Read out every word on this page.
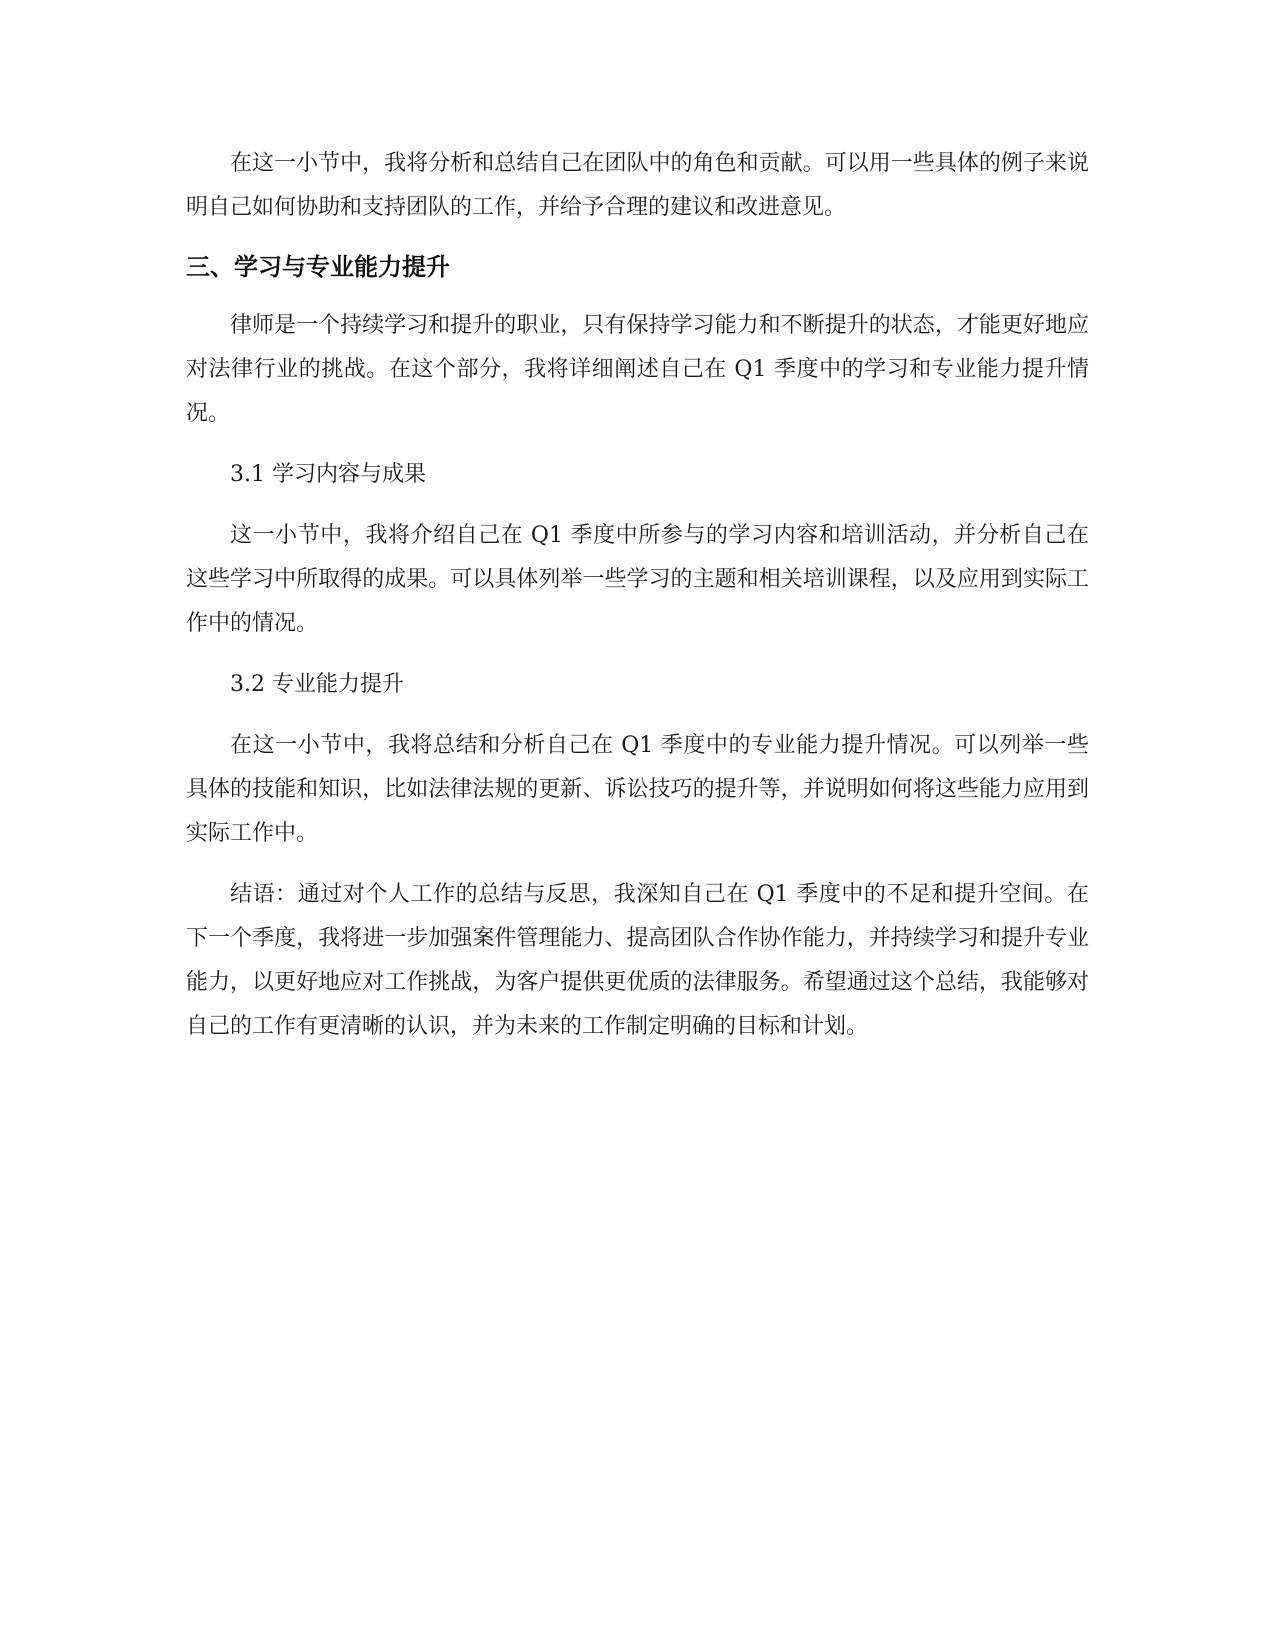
在这一小节中，我将分析和总结自己在团队中的角色和贡献。可以用一些具体的例子来说明自己如何协助和支持团队的工作，并给予合理的建议和改进意见。

三、学习与专业能力提升

律师是一个持续学习和提升的职业，只有保持学习能力和不断提升的状态，才能更好地应对法律行业的挑战。在这个部分，我将详细阐述自己在 Q1 季度中的学习和专业能力提升情况。

3.1 学习内容与成果

这一小节中，我将介绍自己在 Q1 季度中所参与的学习内容和培训活动，并分析自己在这些学习中所取得的成果。可以具体列举一些学习的主题和相关培训课程，以及应用到实际工作中的情况。

3.2 专业能力提升

在这一小节中，我将总结和分析自己在 Q1 季度中的专业能力提升情况。可以列举一些具体的技能和知识，比如法律法规的更新、诉讼技巧的提升等，并说明如何将这些能力应用到实际工作中。

结语：通过对个人工作的总结与反思，我深知自己在 Q1 季度中的不足和提升空间。在下一个季度，我将进一步加强案件管理能力、提高团队合作协作能力，并持续学习和提升专业能力，以更好地应对工作挑战，为客户提供更优质的法律服务。希望通过这个总结，我能够对自己的工作有更清晰的认识，并为未来的工作制定明确的目标和计划。
